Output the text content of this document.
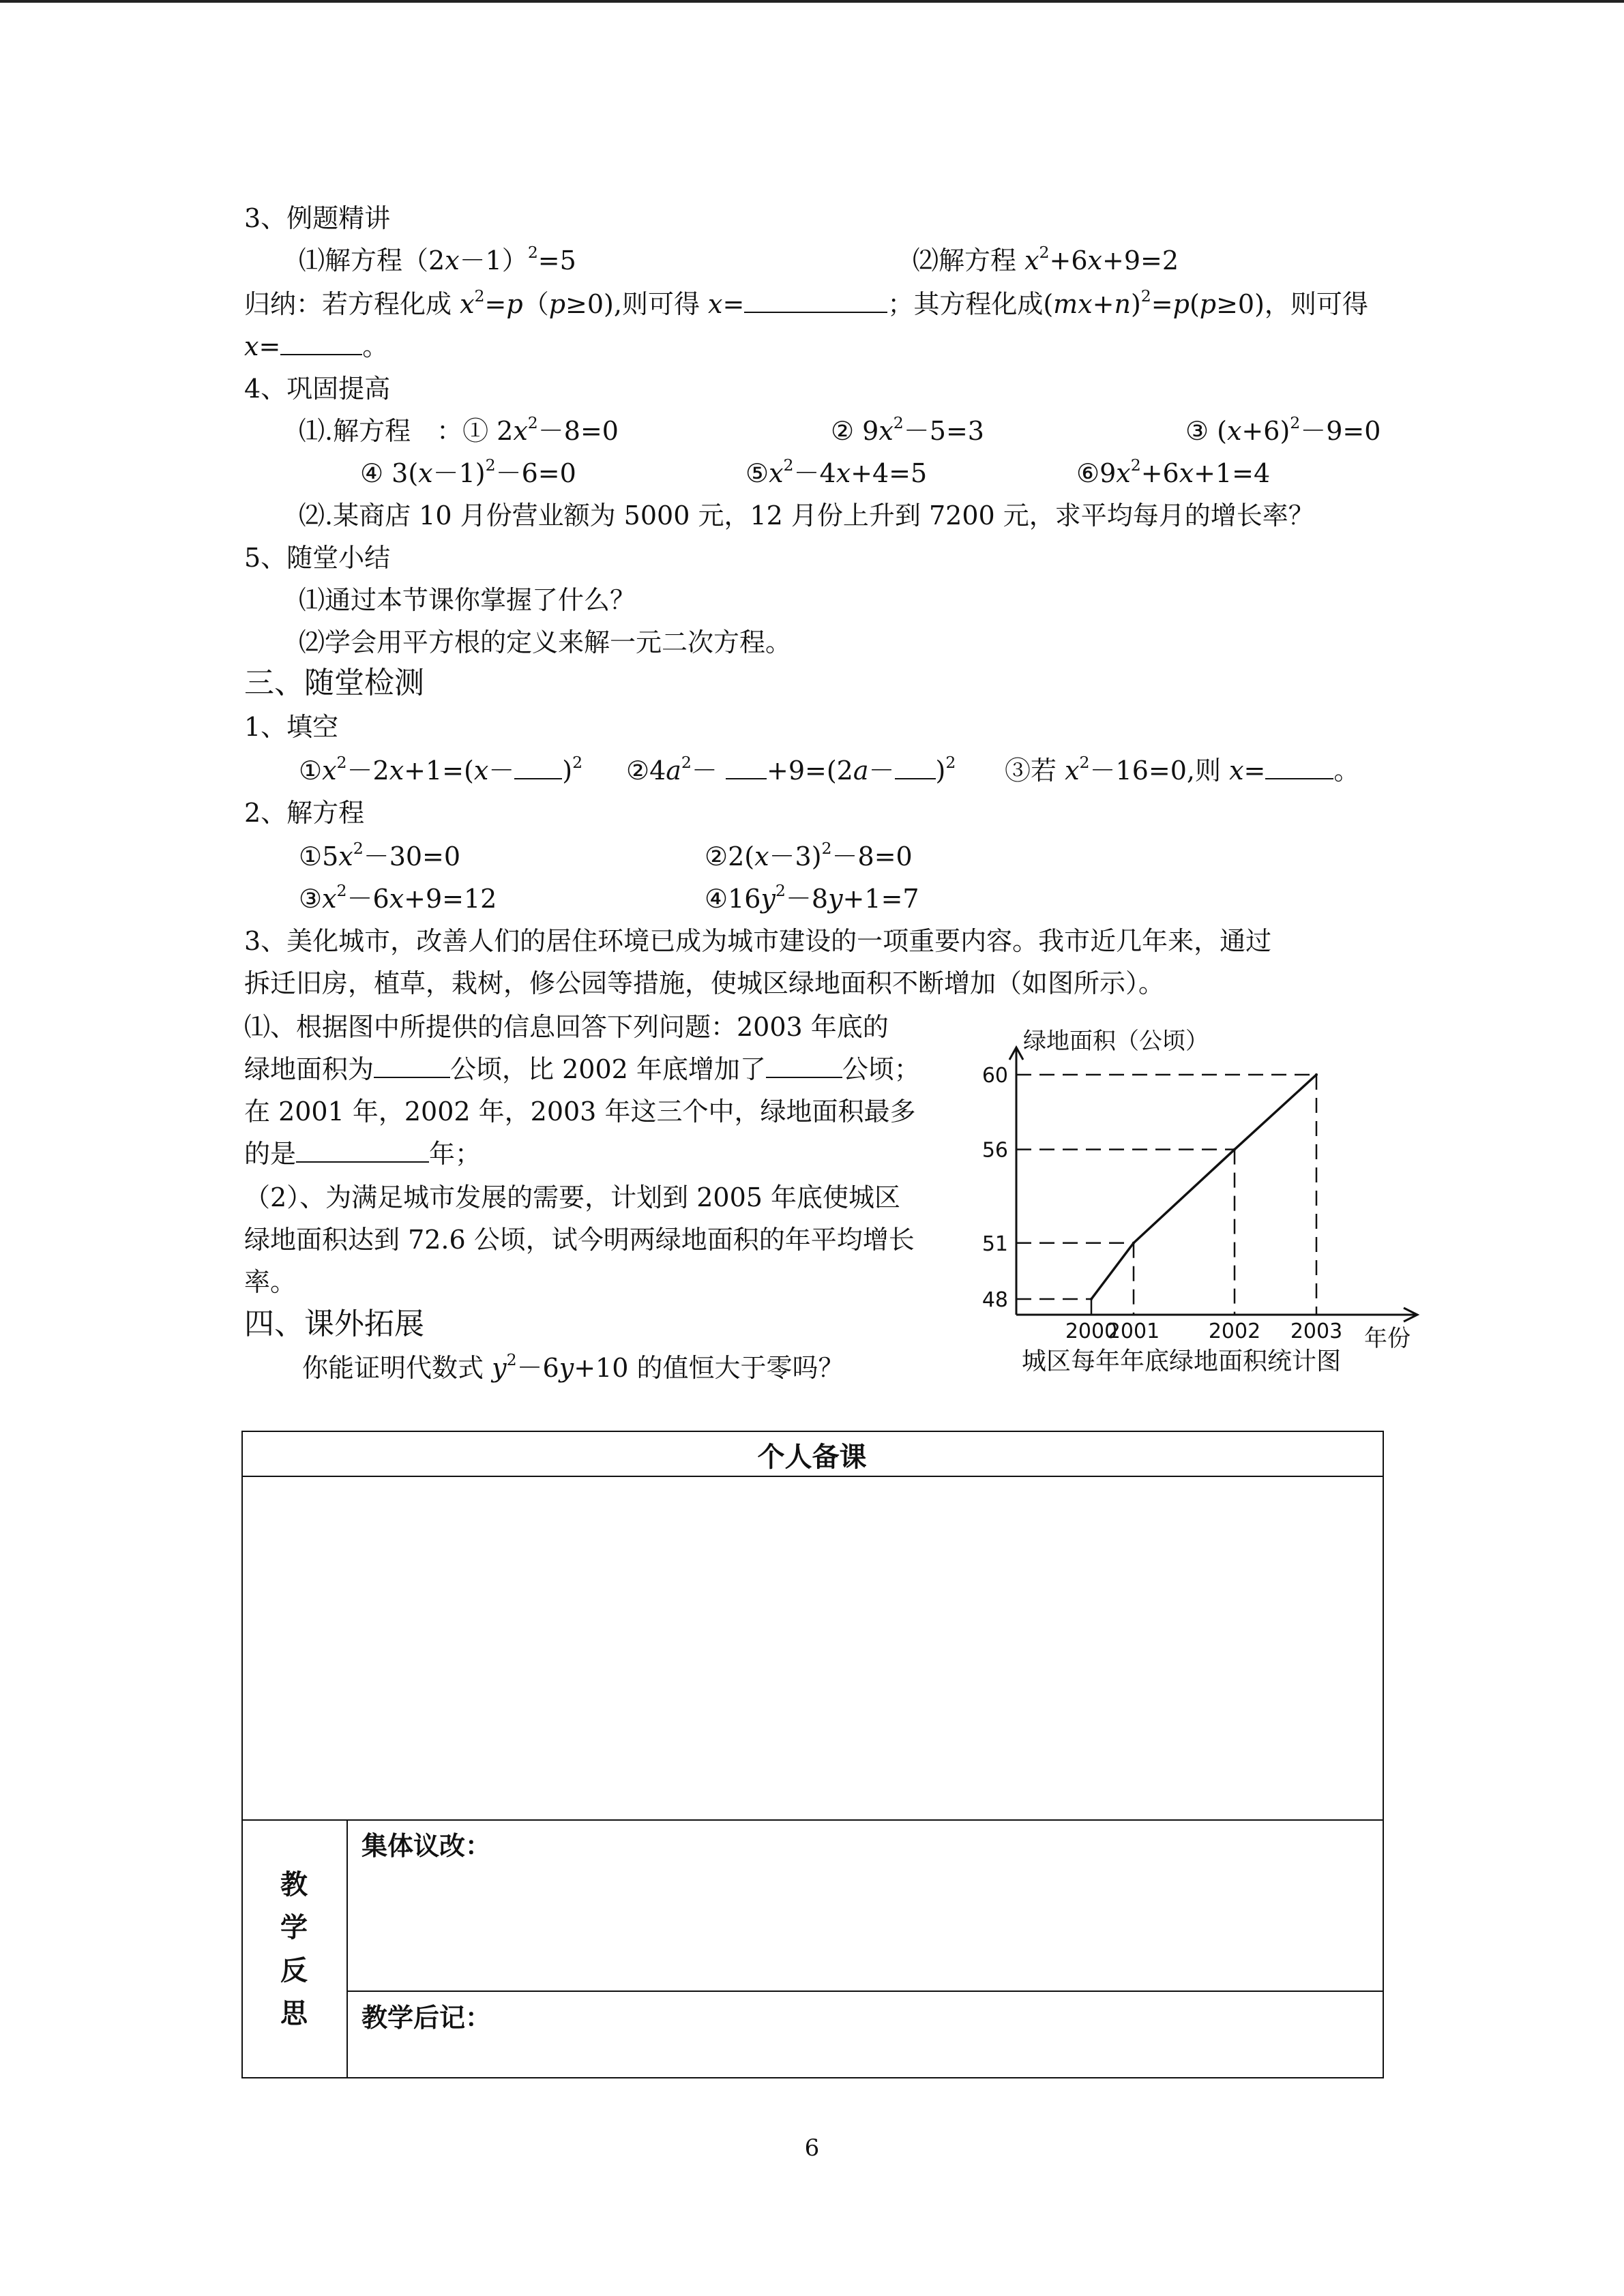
3、例题精讲
⑴解方程$(2x-1)^2=5$	⑵解方程 $x^2+6x+9=2$
归纳：若方程化成 $x^2=p(p\ge 0)$,则可得 x=	；其方程化成$(mx+n)^2=p(p\ge 0)$，则可得
x=	。
4、巩固提高
⑴.解方程　：① $2x^2-8=0$	② $9x^2-5=3$	③ $(x+6)^2-9=0$
④ $3(x-1)^2-6=0$	$⑤x^2-4x+4=5$	$⑥9x^2+6x+1=4$
⑵.某商店 10 月份营业额为 5000 元，12 月份上升到 7200 元，求平均每月的增长率？
5、随堂小结
⑴通过本节课你掌握了什么？
⑵学会用平方根的定义来解一元二次方程。
三、随堂检测
1、填空
$①x^2-2x+1=(x- )^2$ $②4a^2- +9=(2a- )^2$ ③若 $x^2-16=0$,则 x=	。
2、解方程
$①5x^2-30=0$	$②2(x-3)^2-8=0$
$③x^2-6x+9=12$	$④16y^2-8y+1=7$
3、美化城市，改善人们的居住环境已成为城市建设的一项重要内容。我市近几年来，通过
拆迁旧房，植草，栽树，修公园等措施，使城区绿地面积不断增加（如图所示）。
⑴、根据图中所提供的信息回答下列问题：2003 年底的
绿地面积为	公顷，比 2002 年底增加了	公顷；
在 2001 年，2002 年，2003 年这三个中，绿地面积最多
的是	年；
（2）、为满足城市发展的需要，计划到 2005 年底使城区
绿地面积达到 72.6 公顷，试今明两绿地面积的年平均增长
率。
四、课外拓展
你能证明代数式 $y^2-6y+10$ 的值恒大于零吗？
绿地面积（公顷）
年份
城区每年年底绿地面积统计图
48
2000
51
2001
56
2002
60
2003
个人备课
教
学
反
思
集体议改：
教学后记：
6
